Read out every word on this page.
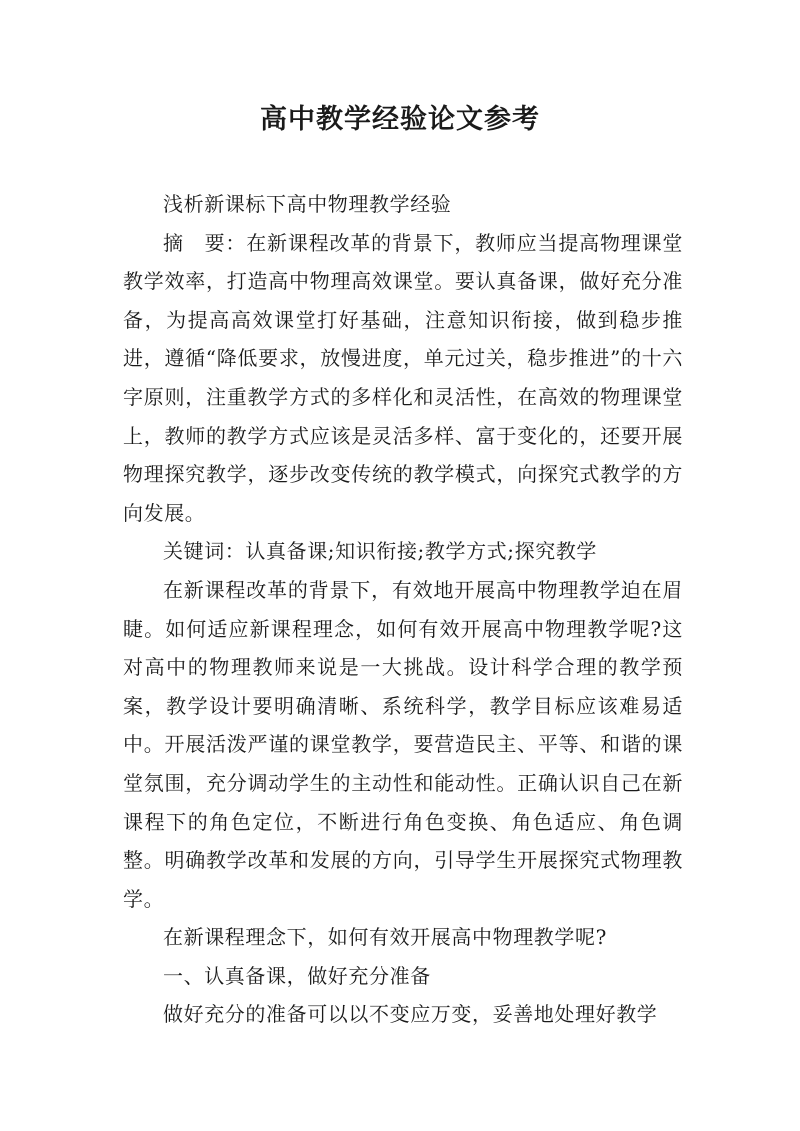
高中教学经验论文参考

浅析新课标下高中物理教学经验

摘　要：在新课程改革的背景下，教师应当提高物理课堂教学效率，打造高中物理高效课堂。要认真备课，做好充分准备，为提高高效课堂打好基础，注意知识衔接，做到稳步推进，遵循“降低要求，放慢进度，单元过关，稳步推进”的十六字原则，注重教学方式的多样化和灵活性，在高效的物理课堂上，教师的教学方式应该是灵活多样、富于变化的，还要开展物理探究教学，逐步改变传统的教学模式，向探究式教学的方向发展。

关键词：认真备课;知识衔接;教学方式;探究教学

在新课程改革的背景下，有效地开展高中物理教学迫在眉睫。如何适应新课程理念，如何有效开展高中物理教学呢?这对高中的物理教师来说是一大挑战。设计科学合理的教学预案，教学设计要明确清晰、系统科学，教学目标应该难易适中。开展活泼严谨的课堂教学，要营造民主、平等、和谐的课堂氛围，充分调动学生的主动性和能动性。正确认识自己在新课程下的角色定位，不断进行角色变换、角色适应、角色调整。明确教学改革和发展的方向，引导学生开展探究式物理教学。

在新课程理念下，如何有效开展高中物理教学呢?

一、认真备课，做好充分准备

做好充分的准备可以以不变应万变，妥善地处理好教学
